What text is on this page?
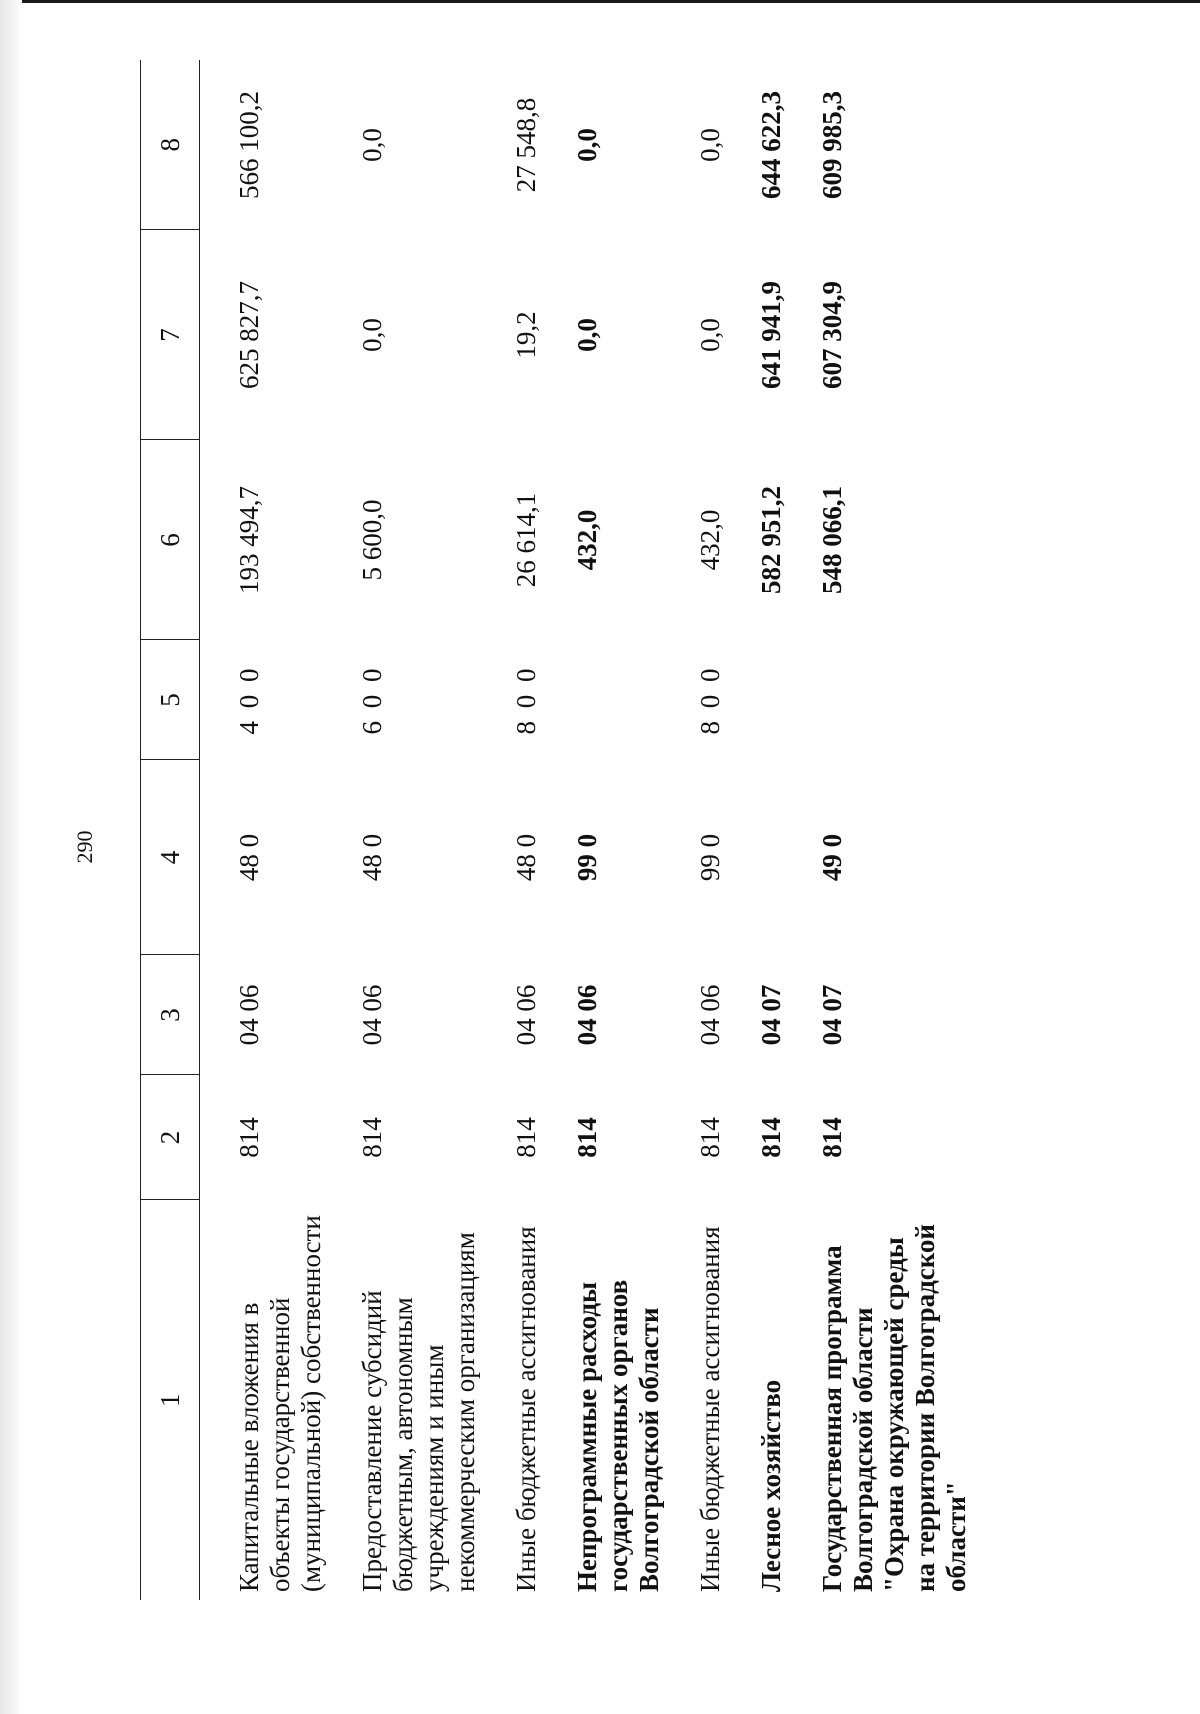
290
1	2	3	4	5	6	7	8
Капитальные вложения в объекты государственной (муниципальной) собственности	814	04 06	48 0	4 0 0	193 494,7	625 827,7	566 100,2
Предоставление субсидий бюджетным, автономным учреждениям и иным некоммерческим организациям	814	04 06	48 0	6 0 0	5 600,0	0,0	0,0
Иные бюджетные ассигнования	814	04 06	48 0	8 0 0	26 614,1	19,2	27 548,8
Непрограммные расходы государственных органов Волгоградской области	814	04 06	99 0		432,0	0,0	0,0
Иные бюджетные ассигнования	814	04 06	99 0	8 0 0	432,0	0,0	0,0
Лесное хозяйство	814	04 07			582 951,2	641 941,9	644 622,3
Государственная программа Волгоградской области "Охрана окружающей среды на территории Волгоградской области"	814	04 07	49 0		548 066,1	607 304,9	609 985,3
